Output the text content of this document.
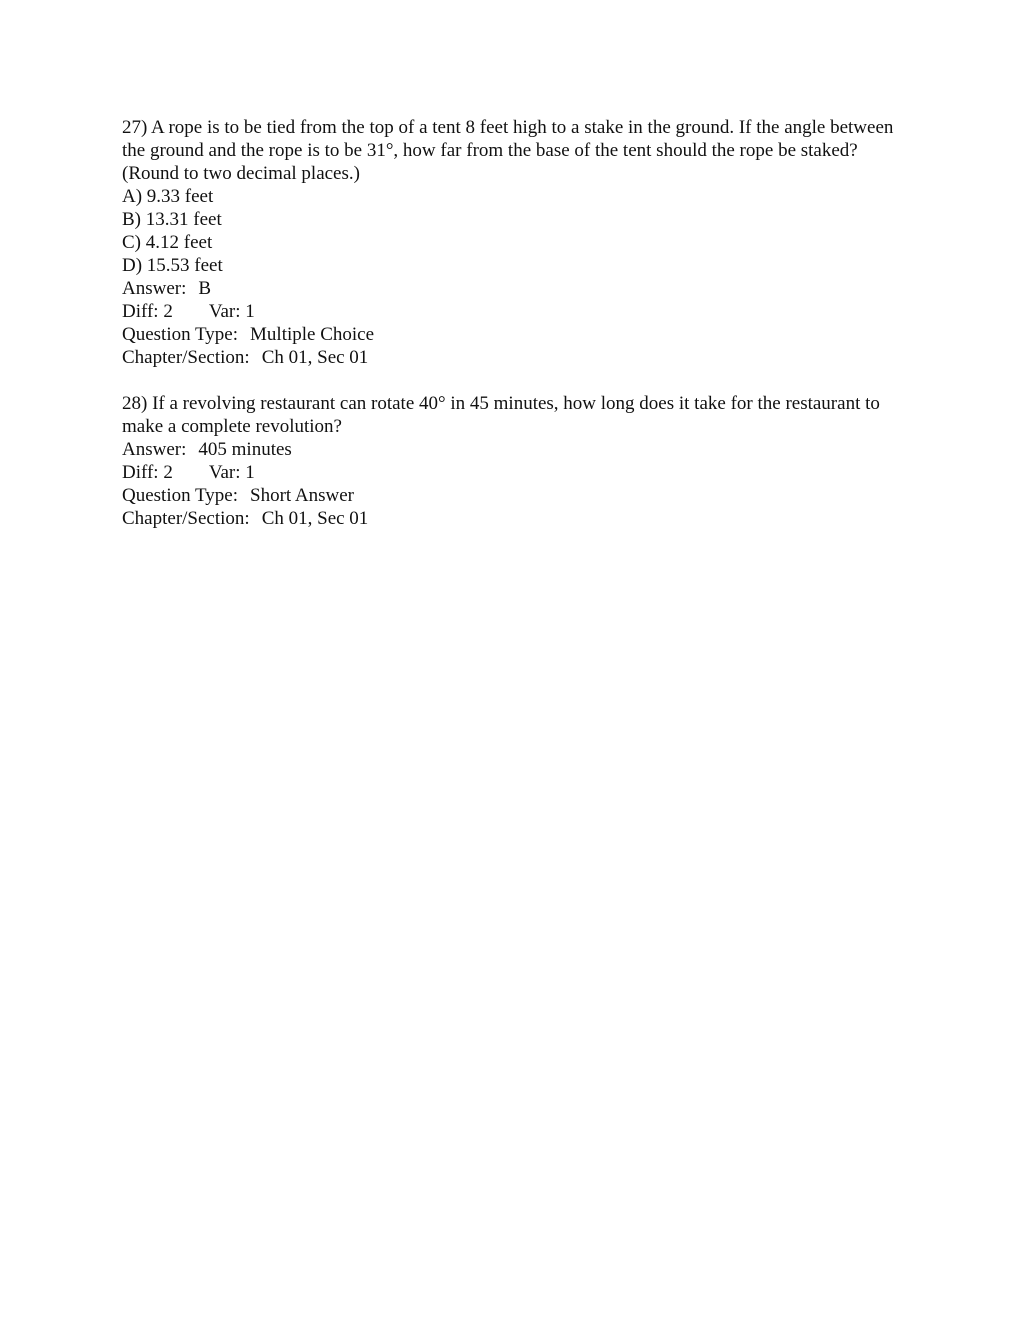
27) A rope is to be tied from the top of a tent 8 feet high to a stake in the ground. If the angle between the ground and the rope is to be 31°, how far from the base of the tent should the rope be staked? (Round to two decimal places.)

A) 9.33 feet
B) 13.31 feet
C) 4.12 feet
D) 15.53 feet
Answer: B
Diff: 2 Var: 1
Question Type: Multiple Choice
Chapter/Section: Ch 01, Sec 01

28) If a revolving restaurant can rotate 40° in 45 minutes, how long does it take for the restaurant to make a complete revolution?

Answer: 405 minutes
Diff: 2 Var: 1
Question Type: Short Answer
Chapter/Section: Ch 01, Sec 01
